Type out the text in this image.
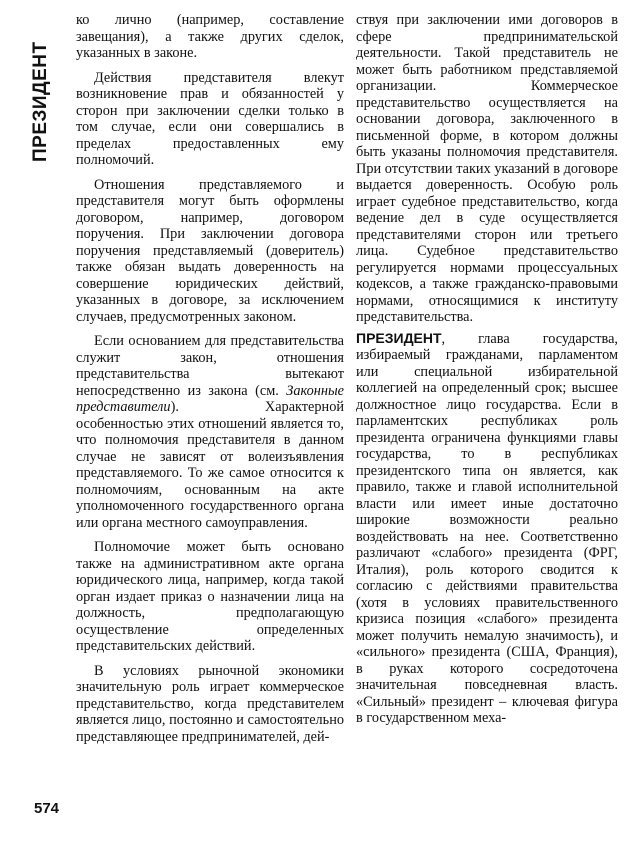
ПРЕЗИДЕНТ
574

ко лично (например, составление завещания), а также других сделок, указанных в законе.

Действия представителя влекут возникновение прав и обязанностей у сторон при заключении сделки только в том случае, если они совершались в пределах предоставленных ему полномочий.

Отношения представляемого и представителя могут быть оформлены договором, например, договором поручения. При заключении договора поручения представляемый (доверитель) также обязан выдать доверенность на совершение юридических действий, указанных в договоре, за исключением случаев, предусмотренных законом.

Если основанием для представительства служит закон, отношения представительства вытекают непосредственно из закона (см. Законные представители). Характерной особенностью этих отношений является то, что полномочия представителя в данном случае не зависят от волеизъявления представляемого. То же самое относится к полномочиям, основанным на акте уполномоченного государственного органа или органа местного самоуправления.

Полномочие может быть основано также на административном акте органа юридического лица, например, когда такой орган издает приказ о назначении лица на должность, предполагающую осуществление определенных представительских действий.

В условиях рыночной экономики значительную роль играет коммерческое представительство, когда представителем является лицо, постоянно и самостоятельно представляющее предпринимателей, дей-

ствуя при заключении ими договоров в сфере предпринимательской деятельности. Такой представитель не может быть работником представляемой организации. Коммерческое представительство осуществляется на основании договора, заключенного в письменной форме, в котором должны быть указаны полномочия представителя. При отсутствии таких указаний в договоре выдается доверенность. Особую роль играет судебное представительство, когда ведение дел в суде осуществляется представителями сторон или третьего лица. Судебное представительство регулируется нормами процессуальных кодексов, а также гражданско-правовыми нормами, относящимися к институту представительства.

ПРЕЗИДЕНТ, глава государства, избираемый гражданами, парламентом или специальной избирательной коллегией на определенный срок; высшее должностное лицо государства. Если в парламентских республиках роль президента ограничена функциями главы государства, то в республиках президентского типа он является, как правило, также и главой исполнительной власти или имеет иные достаточно широкие возможности реально воздействовать на нее. Соответственно различают «слабого» президента (ФРГ, Италия), роль которого сводится к согласию с действиями правительства (хотя в условиях правительственного кризиса позиция «слабого» президента может получить немалую значимость), и «сильного» президента (США, Франция), в руках которого сосредоточена значительная повседневная власть. «Сильный» президент – ключевая фигура в государственном меха-
